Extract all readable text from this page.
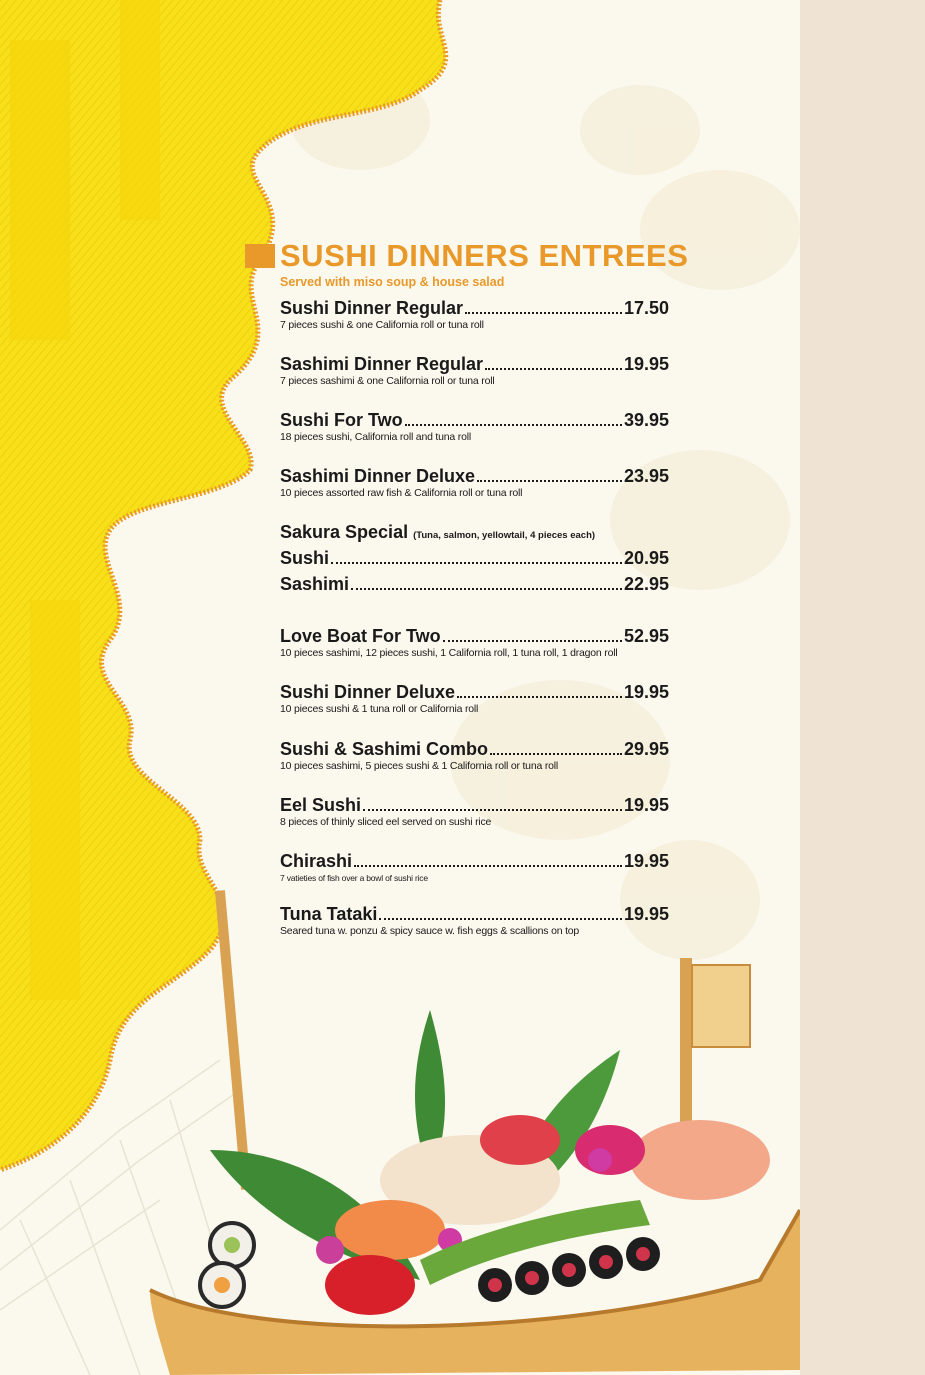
SUSHI DINNERS ENTREES
Served with miso soup & house salad
Sushi Dinner Regular	17.50
7 pieces sushi & one California roll or tuna roll
Sashimi Dinner Regular	19.95
7 pieces sashimi & one California roll or tuna roll
Sushi For Two	39.95
18 pieces sushi, California roll and tuna roll
Sashimi Dinner Deluxe	23.95
10 pieces assorted raw fish & California roll or tuna roll
Sakura Special (Tuna, salmon, yellowtail, 4 pieces each)
Sushi	20.95
Sashimi	22.95
Love Boat For Two	52.95
10 pieces sashimi, 12 pieces sushi, 1 California roll, 1 tuna roll, 1 dragon roll
Sushi Dinner Deluxe	19.95
10 pieces sushi & 1 tuna roll or California roll
Sushi & Sashimi Combo	29.95
10 pieces sashimi, 5 pieces sushi & 1 California roll or tuna roll
Eel Sushi	19.95
8 pieces of thinly sliced eel served on sushi rice
Chirashi	19.95
7 vatieties of fish over a bowl of sushi rice
Tuna Tataki	19.95
Seared tuna w. ponzu & spicy sauce w. fish eggs & scallions on top
